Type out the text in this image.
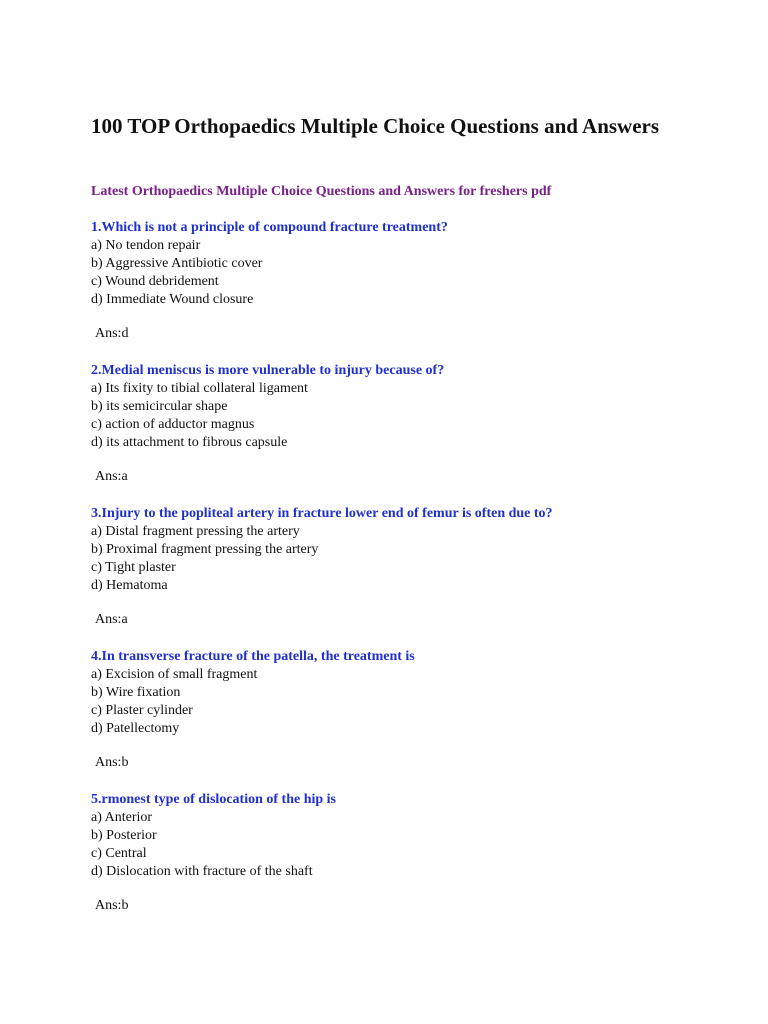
100 TOP Orthopaedics Multiple Choice Questions and Answers

Latest Orthopaedics Multiple Choice Questions and Answers for freshers pdf

1.Which is not a principle of compound fracture treatment?

a) No tendon repair

b) Aggressive Antibiotic cover

c) Wound debridement

d) Immediate Wound closure

Ans:d

2.Medial meniscus is more vulnerable to injury because of?

a) Its fixity to tibial collateral ligament

b) its semicircular shape

c) action of adductor magnus

d) its attachment to fibrous capsule

Ans:a

3.Injury to the popliteal artery in fracture lower end of femur is often due to?

a) Distal fragment pressing the artery

b) Proximal fragment pressing the artery

c) Tight plaster

d) Hematoma

Ans:a

4.In transverse fracture of the patella, the treatment is

a) Excision of small fragment

b) Wire fixation

c) Plaster cylinder

d) Patellectomy

Ans:b

5.rmonest type of dislocation of the hip is

a) Anterior

b) Posterior

c) Central

d) Dislocation with fracture of the shaft

Ans:b
